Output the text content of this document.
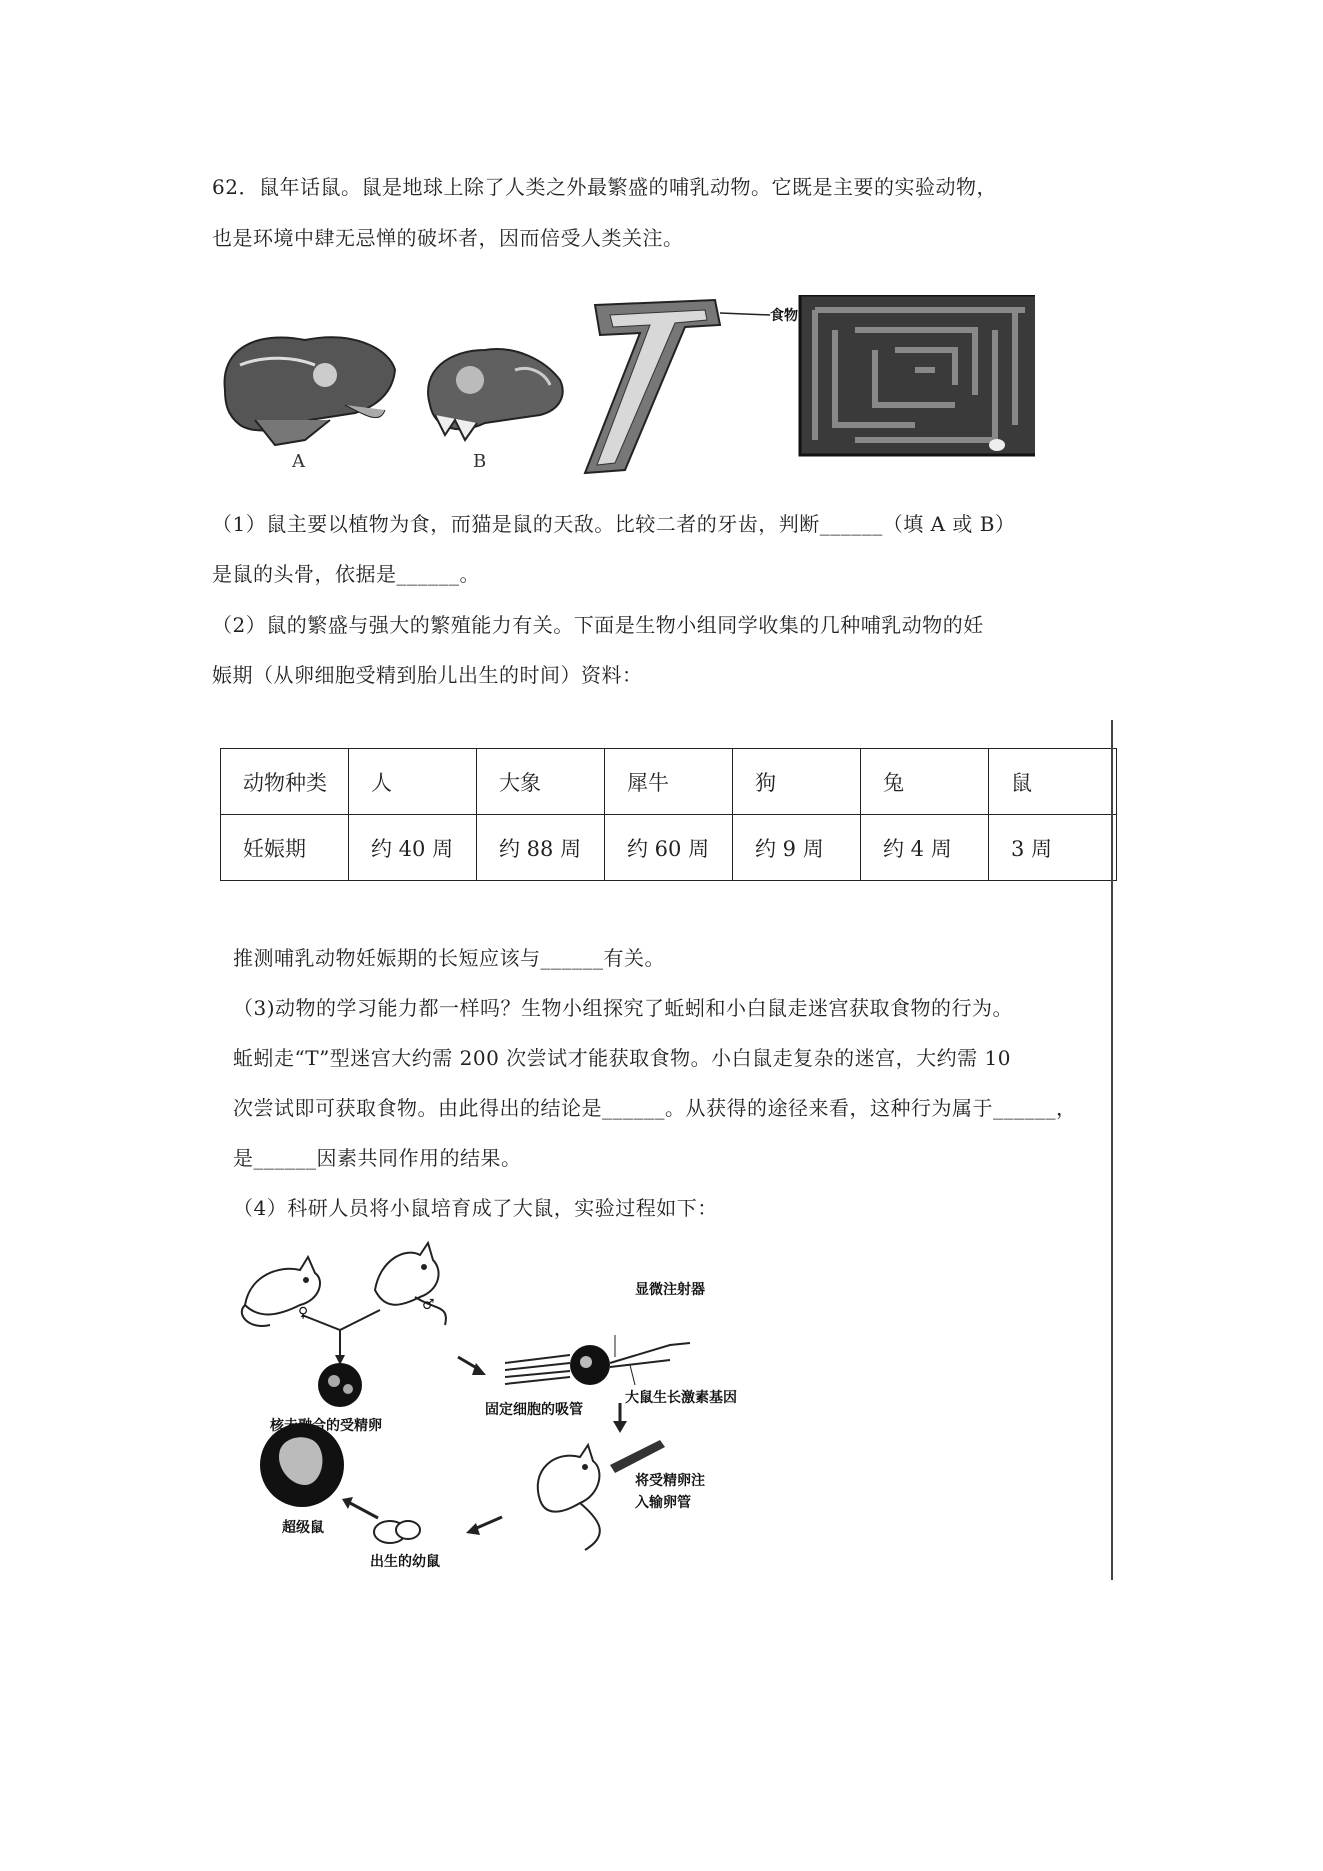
62．鼠年话鼠。鼠是地球上除了人类之外最繁盛的哺乳动物。它既是主要的实验动物，
也是环境中肆无忌惮的破坏者，因而倍受人类关注。
A	B
食物
（1）鼠主要以植物为食，而猫是鼠的天敌。比较二者的牙齿，判断______（填 A 或 B）
是鼠的头骨，依据是______。
（2）鼠的繁盛与强大的繁殖能力有关。下面是生物小组同学收集的几种哺乳动物的妊
娠期（从卵细胞受精到胎儿出生的时间）资料：
动物种类	人	大象	犀牛	狗	兔	鼠
妊娠期	约 40 周	约 88 周	约 60 周	约 9 周	约 4 周	3 周
推测哺乳动物妊娠期的长短应该与______有关。
（3)动物的学习能力都一样吗？生物小组探究了蚯蚓和小白鼠走迷宫获取食物的行为。
蚯蚓走“T”型迷宫大约需 200 次尝试才能获取食物。小白鼠走复杂的迷宫，大约需 10
次尝试即可获取食物。由此得出的结论是______。从获得的途径来看，这种行为属于______，
是______因素共同作用的结果。
（4）科研人员将小鼠培育成了大鼠，实验过程如下：
♀	♂
核未融合的受精卵
显微注射器
固定细胞的吸管
大鼠生长激素基因
将受精卵注
入输卵管
出生的幼鼠
超级鼠
